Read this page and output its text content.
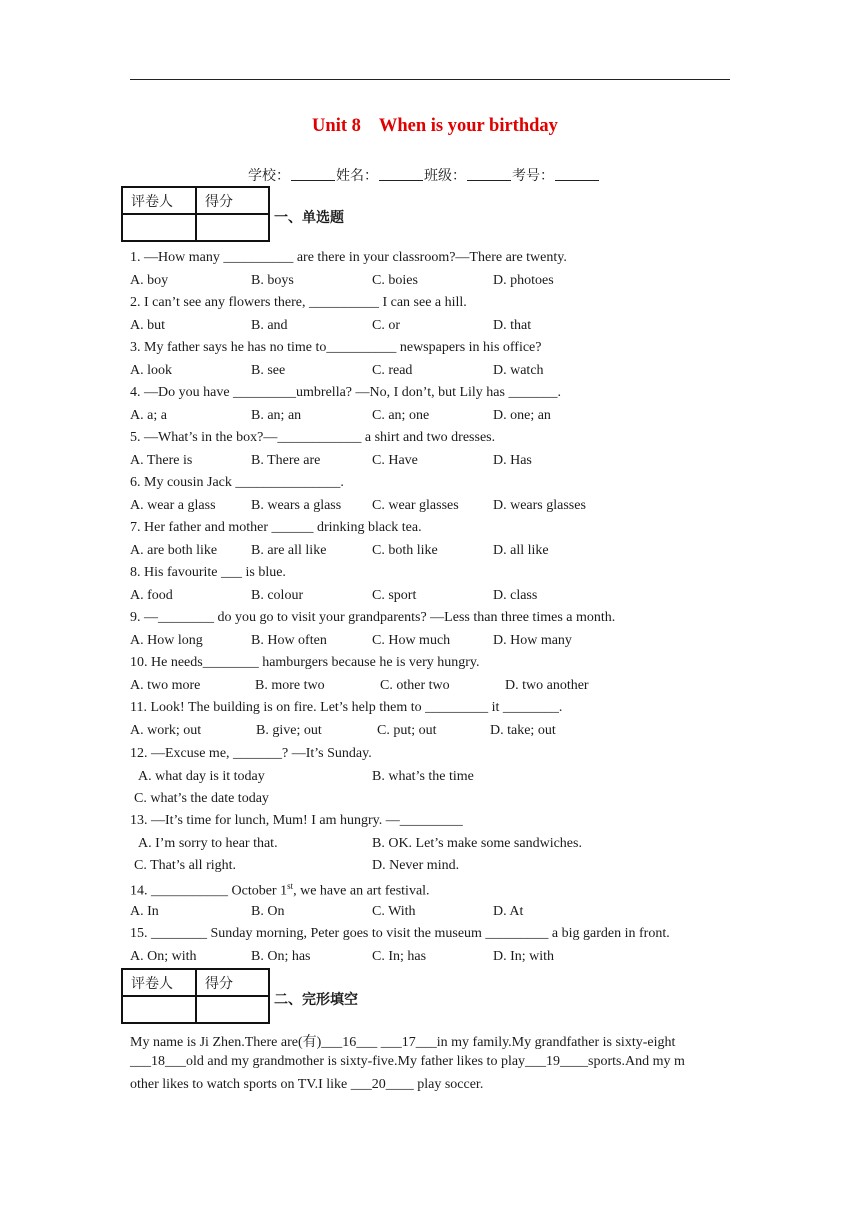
Unit 8 When is your birthday
学校：	姓名：	班级：	考号：
评卷人	得分

一、单选题
1. —How many __________ are there in your classroom?—There are twenty.
A. boy	B. boys	C. boies	D. photoes
2. I can’t see any flowers there, __________ I can see a hill.
A. but	B. and	C. or	D. that
3. My father says he has no time to__________ newspapers in his office?
A. look	B. see	C. read	D. watch
4. —Do you have _________umbrella? —No, I don’t, but Lily has _______.
A. a; a	B. an; an	C. an; one	D. one; an
5. —What’s in the box?—____________ a shirt and two dresses.
A. There is	B. There are	C. Have	D. Has
6. My cousin Jack _______________.
A. wear a glass	B. wears a glass C. wear glasses D. wears glasses
7. Her father and mother ______ drinking black tea.
A. are both like B. are all like	C. both like	D. all like
8. His favourite ___ is blue.
A. food	B. colour	C. sport	D. class
9. —________ do you go to visit your grandparents? —Less than three times a month.
A. How long	B. How often	C. How much	D. How many
10. He needs________ hamburgers because he is very hungry.
A. two more	B. more two	C. other two	D. two another
11. Look! The building is on fire. Let’s help them to _________ it ________.
A. work; out	B. give; out	C. put; out	D. take; out
12. —Excuse me, _______? —It’s Sunday.
A. what day is it today	B. what’s the time
C. what’s the date today
13. —It’s time for lunch, Mum! I am hungry. —_________
A. I’m sorry to hear that.	B. OK. Let’s make some sandwiches.
C. That’s all right.	D. Never mind.
14. ___________ October 1st, we have an art festival.
A. In	B. On	C. With	D. At
15. ________ Sunday morning, Peter goes to visit the museum _________ a big garden in front.
A. On; with	B. On; has	C. In; has	D. In; with
评卷人	得分

二、完形填空
My name is Ji Zhen.There are(有)___16___ ___17___in my family.My grandfather is sixty-eight
___18___old and my grandmother is sixty-five.My father likes to play___19____sports.And my m
other likes to watch sports on TV.I like ___20____ play soccer.
